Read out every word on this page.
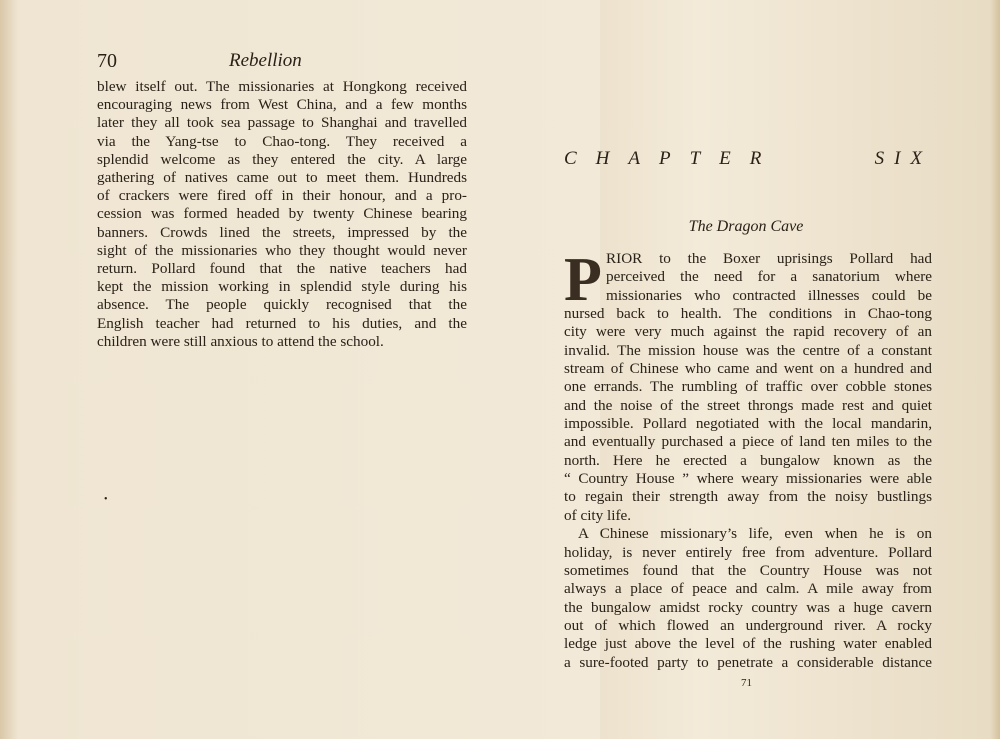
70	Rebellion

blew itself out. The missionaries at Hongkong received
encouraging news from West China, and a few months
later they all took sea passage to Shanghai and travelled
via the Yang-tse to Chao-tong. They received a
splendid welcome as they entered the city. A large
gathering of natives came out to meet them. Hundreds
of crackers were fired off in their honour, and a pro-
cession was formed headed by twenty Chinese bearing
banners. Crowds lined the streets, impressed by the
sight of the missionaries who they thought would never
return. Pollard found that the native teachers had
kept the mission working in splendid style during his
absence. The people quickly recognised that the
English teacher had returned to his duties, and the
children were still anxious to attend the school.

•
CHAPTER	SIX
The Dragon Cave
P RIOR to the Boxer uprisings Pollard had
perceived the need for a sanatorium where
missionaries who contracted illnesses could be
nursed back to health. The conditions in Chao-tong
city were very much against the rapid recovery of an
invalid. The mission house was the centre of a constant
stream of Chinese who came and went on a hundred and
one errands. The rumbling of traffic over cobble stones
and the noise of the street throngs made rest and quiet
impossible. Pollard negotiated with the local mandarin,
and eventually purchased a piece of land ten miles to the
north. Here he erected a bungalow known as the
“ Country House ” where weary missionaries were able
to regain their strength away from the noisy bustlings
of city life.
A Chinese missionary’s life, even when he is on
holiday, is never entirely free from adventure. Pollard
sometimes found that the Country House was not
always a place of peace and calm. A mile away from
the bungalow amidst rocky country was a huge cavern
out of which flowed an underground river. A rocky
ledge just above the level of the rushing water enabled
a sure-footed party to penetrate a considerable distance

71
